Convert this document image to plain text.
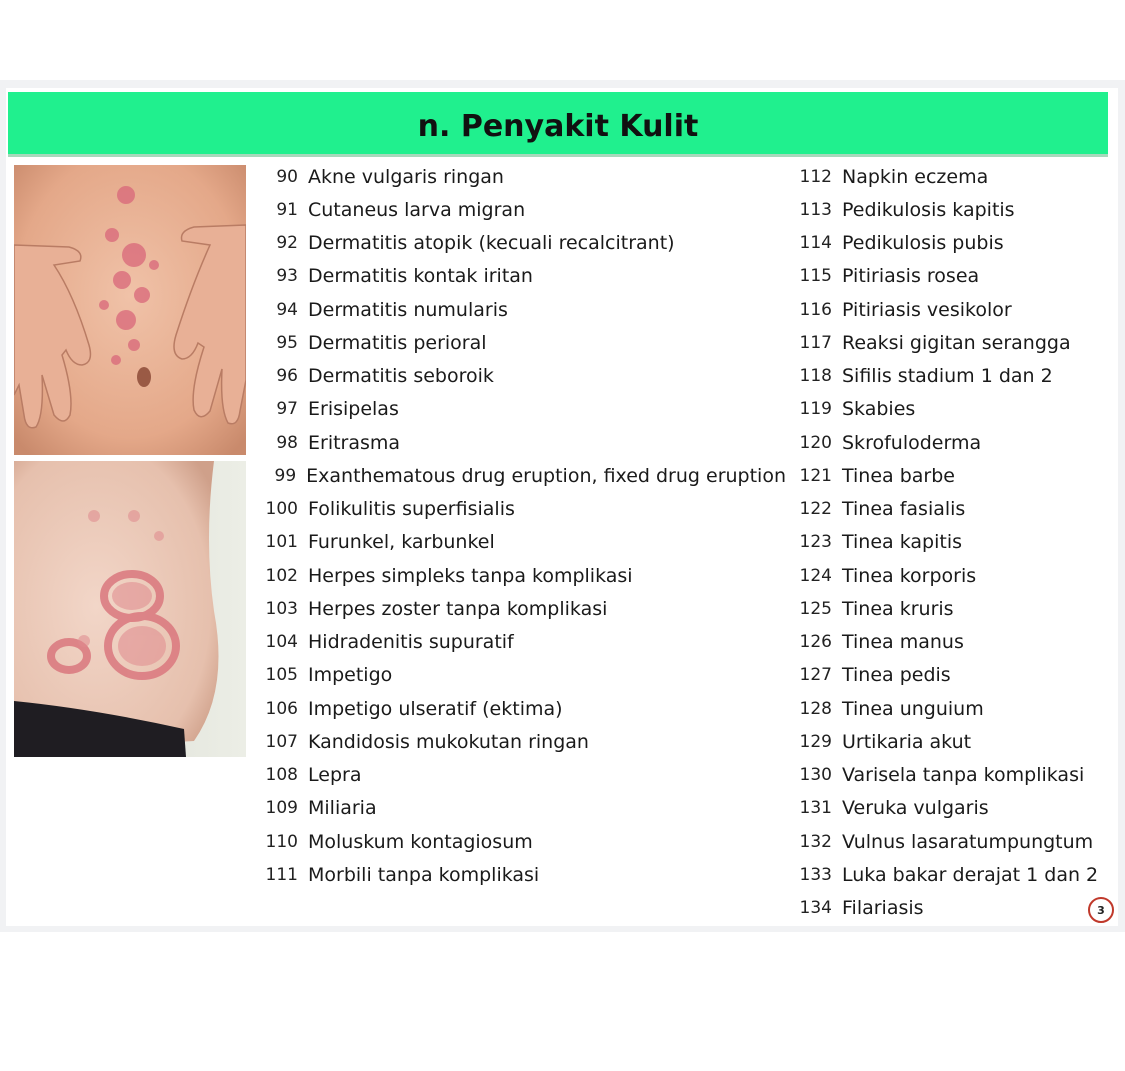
n. Penyakit Kulit
90 Akne vulgaris ringan
91 Cutaneus larva migran
92 Dermatitis atopik (kecuali recalcitrant)
93 Dermatitis kontak iritan
94 Dermatitis numularis
95 Dermatitis perioral
96 Dermatitis seboroik
97 Erisipelas
98 Eritrasma
99 Exanthematous drug eruption, fixed drug eruption
100 Folikulitis superfisialis
101 Furunkel, karbunkel
102 Herpes simpleks tanpa komplikasi
103 Herpes zoster tanpa komplikasi
104 Hidradenitis supuratif
105 Impetigo
106 Impetigo ulseratif (ektima)
107 Kandidosis mukokutan ringan
108 Lepra
109 Miliaria
110 Moluskum kontagiosum
111 Morbili tanpa komplikasi
112 Napkin eczema
113 Pedikulosis kapitis
114 Pedikulosis pubis
115 Pitiriasis rosea
116 Pitiriasis vesikolor
117 Reaksi gigitan serangga
118 Sifilis stadium 1 dan 2
119 Skabies
120 Skrofuloderma
121 Tinea barbe
122 Tinea fasialis
123 Tinea kapitis
124 Tinea korporis
125 Tinea kruris
126 Tinea manus
127 Tinea pedis
128 Tinea unguium
129 Urtikaria akut
130 Varisela tanpa komplikasi
131 Veruka vulgaris
132 Vulnus lasaratumpungtum
133 Luka bakar derajat 1 dan 2
134 Filariasis	3
